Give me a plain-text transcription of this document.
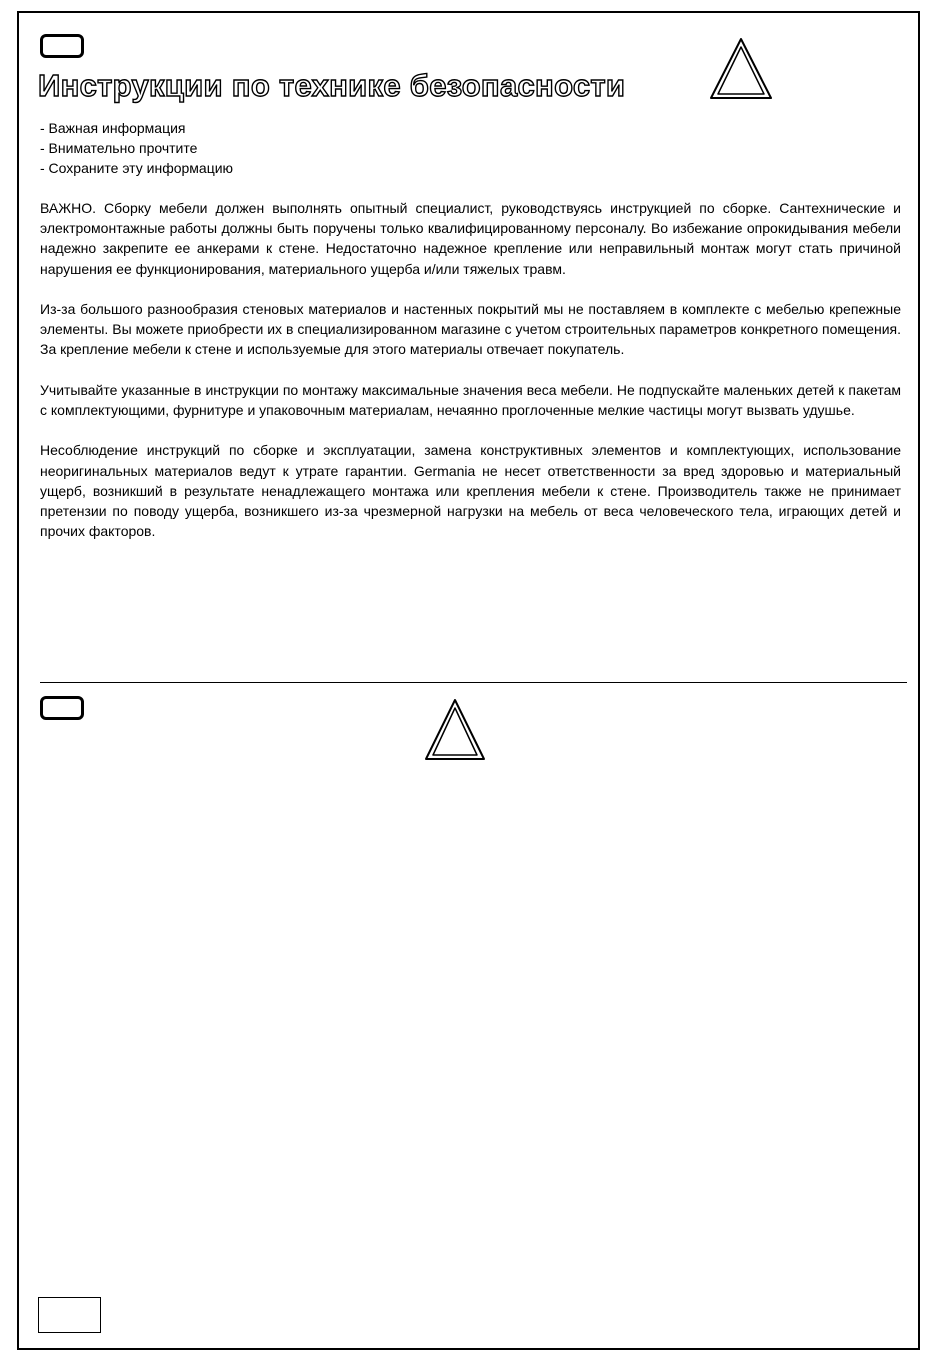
Инструкции по технике безопасности
- Важная информация
- Внимательно прочтите
- Сохраните эту информацию

ВАЖНО. Сборку мебели должен выполнять опытный специалист, руководствуясь инструкцией по сборке. Сантехнические и электромонтажные работы должны быть поручены только квалифицированному персоналу. Во избежание опрокидывания мебели надежно закрепите ее анкерами к стене. Недостаточно надежное крепление или неправильный монтаж могут стать причиной нарушения ее функционирования, материального ущерба и/или тяжелых травм.

Из-за большого разнообразия стеновых материалов и настенных покрытий мы не поставляем в комплекте с мебелью крепежные элементы. Вы можете приобрести их в специализированном магазине с учетом строительных параметров конкретного помещения. За крепление мебели к стене и используемые для этого материалы отвечает покупатель.

Учитывайте указанные в инструкции по монтажу максимальные значения веса мебели. Не подпускайте маленьких детей к пакетам с комплектующими, фурнитуре и упаковочным материалам, нечаянно проглоченные мелкие частицы могут вызвать удушье.

Несоблюдение инструкций по сборке и эксплуатации, замена конструктивных элементов и комплектующих, использование неоригинальных материалов ведут к утрате гарантии. Germania не несет ответственности за вред здоровью и материальный ущерб, возникший в результате ненадлежащего монтажа или крепления мебели к стене. Производитель также не принимает претензии по поводу ущерба, возникшего из-за чрезмерной нагрузки на мебель от веса человеческого тела, играющих детей и прочих факторов.
